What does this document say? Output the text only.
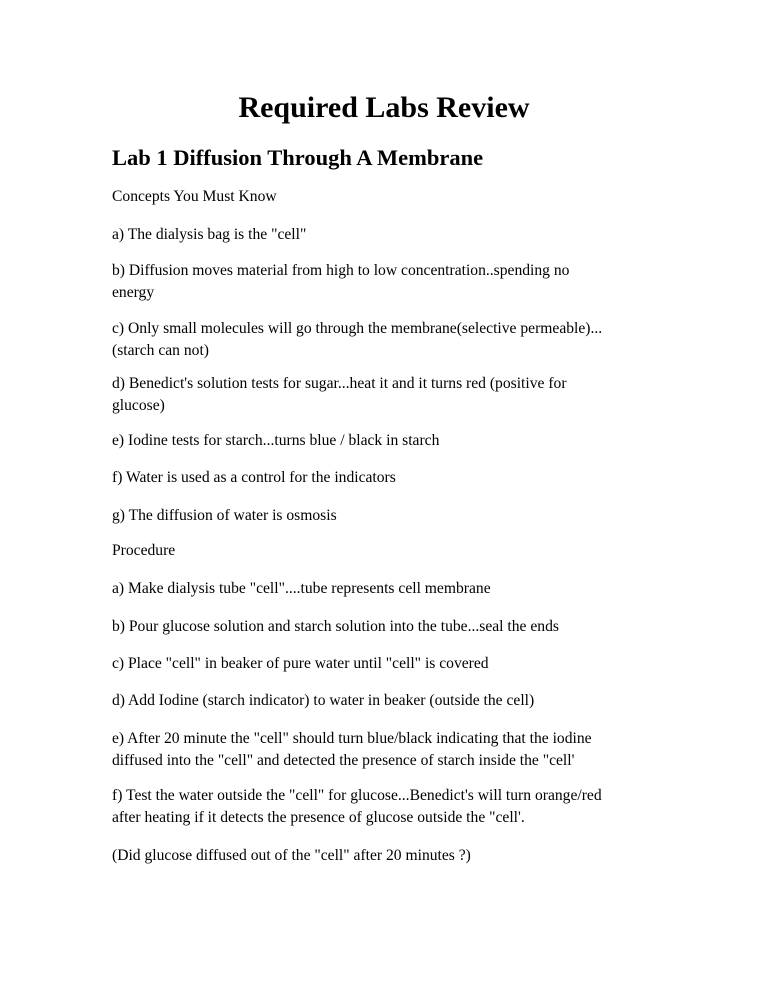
Required Labs Review
Lab 1 Diffusion Through A Membrane
Concepts You Must Know
a) The dialysis bag is the "cell"
b) Diffusion moves material from high to low concentration..spending no
energy
c) Only small molecules will go through the membrane(selective permeable)...
(starch can not)
d) Benedict's solution tests for sugar...heat it and it turns red (positive for
glucose)
e) Iodine tests for starch...turns blue / black in starch
f) Water is used as a control for the indicators
g) The diffusion of water is osmosis
Procedure
a) Make dialysis tube "cell"....tube represents cell membrane
b) Pour glucose solution and starch solution into the tube...seal the ends
c) Place "cell" in beaker of pure water until "cell" is covered
d) Add Iodine (starch indicator) to water in beaker (outside the cell)
e) After 20 minute the "cell" should turn blue/black indicating that the iodine
diffused into the "cell" and detected the presence of starch inside the "cell'
f) Test the water outside the "cell" for glucose...Benedict's will turn orange/red
after heating if it detects the presence of glucose outside the "cell'.
(Did glucose diffused out of the "cell" after 20 minutes ?)
